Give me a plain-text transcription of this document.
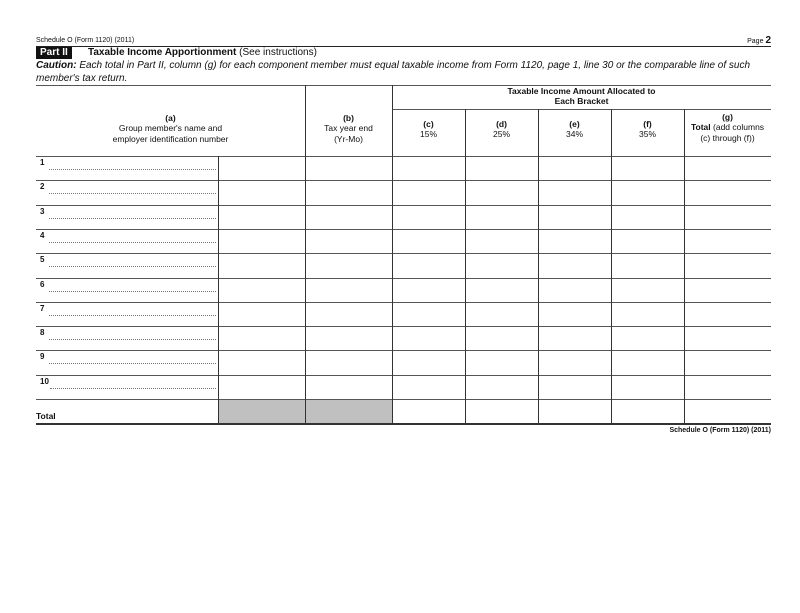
Schedule O (Form 1120) (2011)	Page 2
Part II	Taxable Income Apportionment (See instructions)
Caution: Each total in Part II, column (g) for each component member must equal taxable income from Form 1120, page 1, line 30 or the comparable line of such member's tax return.
Taxable Income Amount Allocated to
Each Bracket
(a)
Group member's name and
employer identification number
(b)
Tax year end
(Yr-Mo)
(c)
15%
(d)
25%
(e)
34%
(f)
35%
(g)
Total (add columns
(c) through (f))
1
2
3
4
5
6
7
8
9
10
Total
Schedule O (Form 1120) (2011)
